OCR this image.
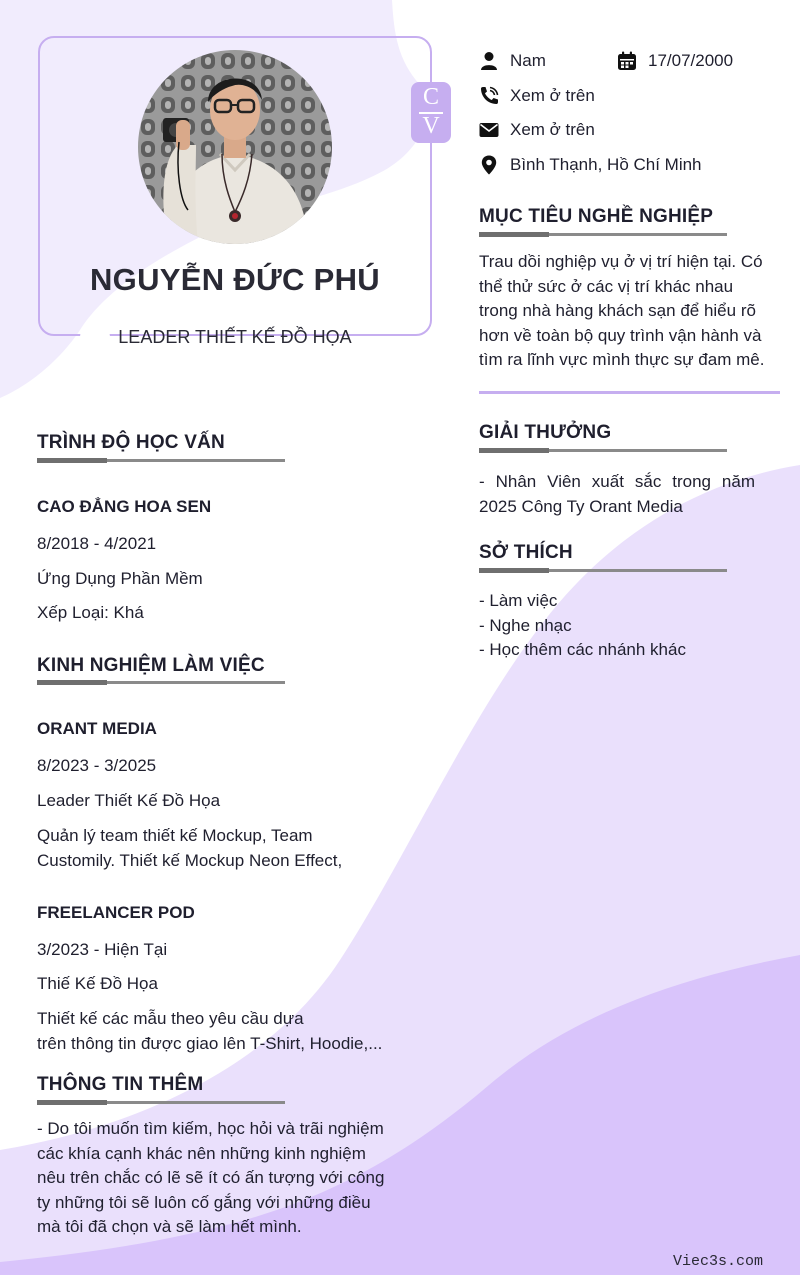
NGUYỄN ĐỨC PHÚ
LEADER THIẾT KẾ ĐỒ HỌA
C
V
Nam	17/07/2000
Xem ở trên
Xem ở trên
Bình Thạnh, Hồ Chí Minh
MỤC TIÊU NGHỀ NGHIỆP
Trau dồi nghiệp vụ ở vị trí hiện tại. Có thể thử sức ở các vị trí khác nhau trong nhà hàng khách sạn để hiểu rõ hơn về toàn bộ quy trình vận hành và tìm ra lĩnh vực mình thực sự đam mê.
GIẢI THƯỞNG
- Nhân Viên xuất sắc trong năm 2025 Công Ty Orant Media
SỞ THÍCH
- Làm việc
- Nghe nhạc
- Học thêm các nhánh khác
TRÌNH ĐỘ HỌC VẤN
CAO ĐẲNG HOA SEN
8/2018 - 4/2021
Ứng Dụng Phần Mềm
Xếp Loại: Khá
KINH NGHIỆM LÀM VIỆC
ORANT MEDIA
8/2023 - 3/2025
Leader Thiết Kế Đồ Họa
Quản lý team thiết kế Mockup, Team
Customily. Thiết kế Mockup Neon Effect,
FREELANCER POD
3/2023 - Hiện Tại
Thiế Kế Đồ Họa
Thiết kế các mẫu theo yêu cầu dựa
trên thông tin được giao lên T-Shirt, Hoodie,...
THÔNG TIN THÊM
- Do tôi muốn tìm kiếm, học hỏi và trãi nghiệm các khía cạnh khác nên những kinh nghiệm nêu trên chắc có lẽ sẽ ít có ấn tượng với công ty những tôi sẽ luôn cố gắng với những điều mà tôi đã chọn và sẽ làm hết mình.
Viec3s.com
